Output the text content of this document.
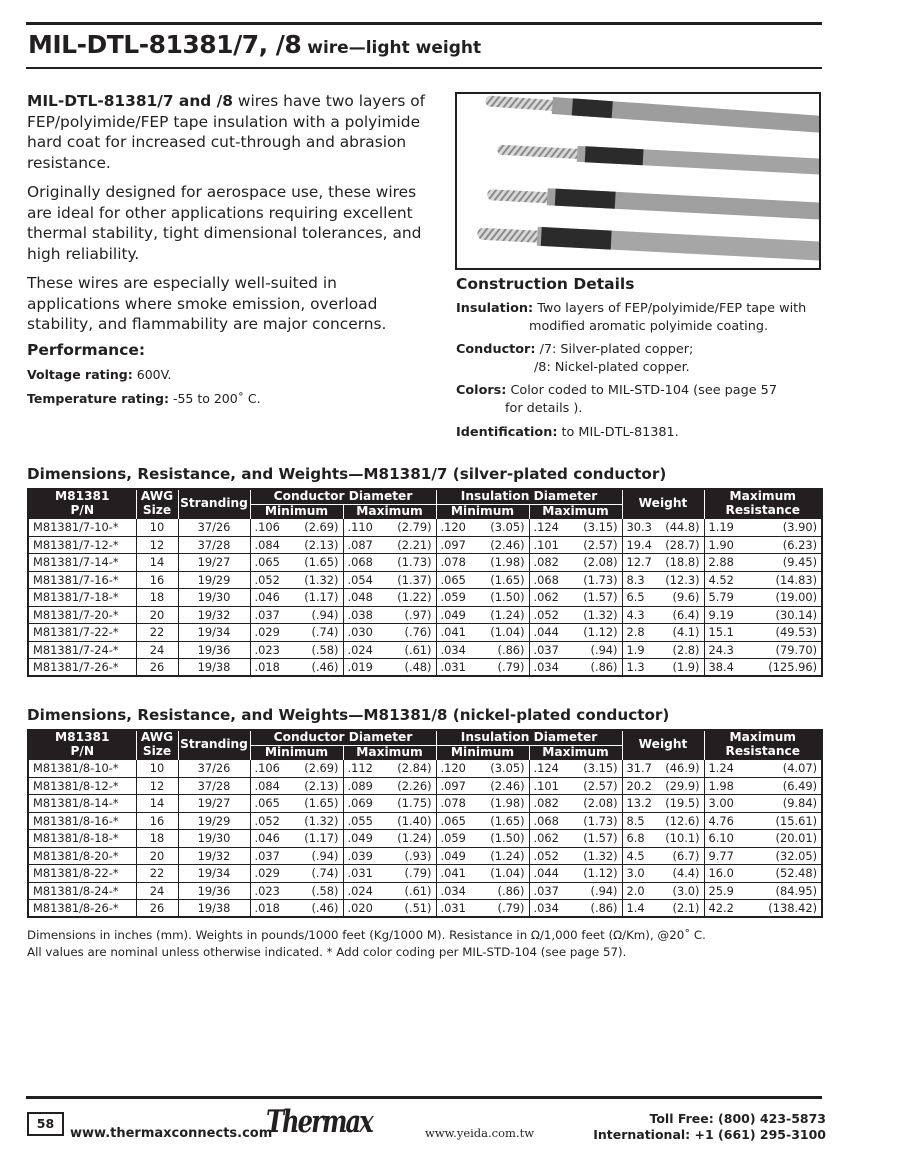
MIL-DTL-81381/7, /8 wire—light weight

MIL-DTL-81381/7 and /8 wires have two layers of FEP/polyimide/FEP tape insulation with a polyimide hard coat for increased cut-through and abrasion resistance.

Originally designed for aerospace use, these wires are ideal for other applications requiring excellent thermal stability, tight dimensional tolerances, and high reliability.

These wires are especially well-suited in applications where smoke emission, overload stability, and flammability are major concerns.

Performance:
Voltage rating: 600V.
Temperature rating: -55 to 200˚ C.
Construction Details
Insulation: Two layers of FEP/polyimide/FEP tape with
modified aromatic polyimide coating.
Conductor: /7: Silver-plated copper;
/8: Nickel-plated copper.
Colors: Color coded to MIL-STD-104 (see page 57
for details ).
Identification: to MIL-DTL-81381.
Dimensions, Resistance, and Weights—M81381/7 (silver-plated conductor)
M81381	AWG	Stranding	Conductor Diameter		Insulation Diameter		Weight	Maximum
P/N	Size		Minimum	Maximum	Minimum	Maximum		Resistance
M81381/7-10-*	10	37/26	.106 (2.69)	.110 (2.79)	.120 (3.05)	.124 (3.15)	30.3 (44.8)	1.19 (3.90)

M81381/7-12-*	12	37/28	.084 (2.13)	.087 (2.21)	.097 (2.46)	.101 (2.57)	19.4 (28.7)	1.90 (6.23)

M81381/7-14-*	14	19/27	.065 (1.65)	.068 (1.73)	.078 (1.98)	.082 (2.08)	12.7 (18.8)	2.88 (9.45)

M81381/7-16-*	16	19/29	.052 (1.32)	.054 (1.37)	.065 (1.65)	.068 (1.73)	8.3 (12.3)	4.52 (14.83)

M81381/7-18-*	18	19/30	.046 (1.17)	.048 (1.22)	.059 (1.50)	.062 (1.57)	6.5 (9.6)	5.79 (19.00)

M81381/7-20-*	20	19/32	.037 (.94)	.038 (.97)	.049 (1.24)	.052 (1.32)	4.3 (6.4)	9.19 (30.14)

M81381/7-22-*	22	19/34	.029 (.74)	.030 (.76)	.041 (1.04)	.044 (1.12)	2.8 (4.1)	15.1 (49.53)

M81381/7-24-*	24	19/36	.023 (.58)	.024 (.61)	.034 (.86)	.037 (.94)	1.9 (2.8)	24.3 (79.70)

M81381/7-26-*	26	19/38	.018 (.46)	.019 (.48)	.031 (.79)	.034 (.86)	1.3 (1.9)	38.4 (125.96)
Dimensions, Resistance, and Weights—M81381/8 (nickel-plated conductor)
M81381	AWG	Stranding	Conductor Diameter		Insulation Diameter		Weight	Maximum
P/N	Size		Minimum	Maximum	Minimum	Maximum		Resistance
M81381/8-10-*	10	37/26	.106 (2.69)	.112 (2.84)	.120 (3.05)	.124 (3.15)	31.7 (46.9)	1.24 (4.07)

M81381/8-12-*	12	37/28	.084 (2.13)	.089 (2.26)	.097 (2.46)	.101 (2.57)	20.2 (29.9)	1.98 (6.49)

M81381/8-14-*	14	19/27	.065 (1.65)	.069 (1.75)	.078 (1.98)	.082 (2.08)	13.2 (19.5)	3.00 (9.84)

M81381/8-16-*	16	19/29	.052 (1.32)	.055 (1.40)	.065 (1.65)	.068 (1.73)	8.5 (12.6)	4.76 (15.61)

M81381/8-18-*	18	19/30	.046 (1.17)	.049 (1.24)	.059 (1.50)	.062 (1.57)	6.8 (10.1)	6.10 (20.01)

M81381/8-20-*	20	19/32	.037 (.94)	.039 (.93)	.049 (1.24)	.052 (1.32)	4.5 (6.7)	9.77 (32.05)

M81381/8-22-*	22	19/34	.029 (.74)	.031 (.79)	.041 (1.04)	.044 (1.12)	3.0 (4.4)	16.0 (52.48)

M81381/8-24-*	24	19/36	.023 (.58)	.024 (.61)	.034 (.86)	.037 (.94)	2.0 (3.0)	25.9 (84.95)

M81381/8-26-*	26	19/38	.018 (.46)	.020 (.51)	.031 (.79)	.034 (.86)	1.4 (2.1)	42.2 (138.42)
Dimensions in inches (mm). Weights in pounds/1000 feet (Kg/1000 M). Resistance in Ω/1,000 feet (Ω/Km), @20˚ C.
All values are nominal unless otherwise indicated. * Add color coding per MIL-STD-104 (see page 57).
58
www.thermaxconnects.com
Thermax	www.yeida.com.tw
Toll Free: (800) 423-5873
International: +1 (661) 295-3100
